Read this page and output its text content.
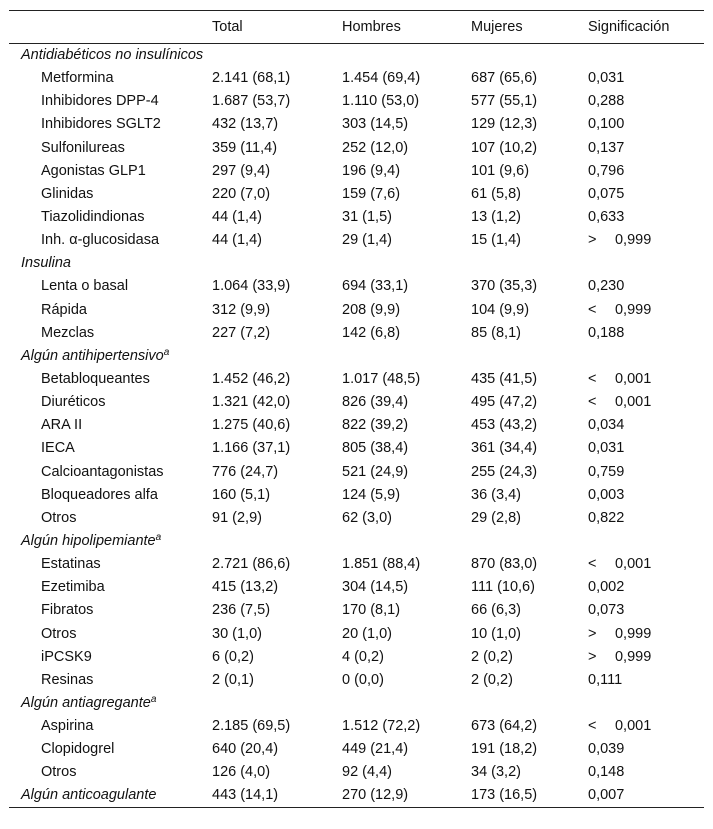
	Total	Hombres	Mujeres	Significación
Antidiabéticos no insulínicos				
Metformina	2.141 (68,1)	1.454 (69,4)	687 (65,6)	0,031
Inhibidores DPP-4	1.687 (53,7)	1.110 (53,0)	577 (55,1)	0,288
Inhibidores SGLT2	432 (13,7)	303 (14,5)	129 (12,3)	0,100
Sulfonilureas	359 (11,4)	252 (12,0)	107 (10,2)	0,137
Agonistas GLP1	297 (9,4)	196 (9,4)	101 (9,6)	0,796
Glinidas	220 (7,0)	159 (7,6)	61 (5,8)	0,075
Tiazolidindionas	44 (1,4)	31 (1,5)	13 (1,2)	0,633
Inh. α-glucosidasa	44 (1,4)	29 (1,4)	15 (1,4)	>  0,999
Insulina				
Lenta o basal	1.064 (33,9)	694 (33,1)	370 (35,3)	0,230
Rápida	312 (9,9)	208 (9,9)	104 (9,9)	<  0,999
Mezclas	227 (7,2)	142 (6,8)	85 (8,1)	0,188
Algún antihipertensivo$^a$
Betabloqueantes	1.452 (46,2)	1.017 (48,5)	435 (41,5)	<  0,001
Diuréticos	1.321 (42,0)	826 (39,4)	495 (47,2)	<  0,001
ARA II	1.275 (40,6)	822 (39,2)	453 (43,2)	0,034
IECA	1.166 (37,1)	805 (38,4)	361 (34,4)	0,031
Calcioantagonistas	776 (24,7)	521 (24,9)	255 (24,3)	0,759
Bloqueadores alfa	160 (5,1)	124 (5,9)	36 (3,4)	0,003
Otros	91 (2,9)	62 (3,0)	29 (2,8)	0,822
Algún hipolipemiante$^a$
Estatinas	2.721 (86,6)	1.851 (88,4)	870 (83,0)	<  0,001
Ezetimiba	415 (13,2)	304 (14,5)	111 (10,6)	0,002
Fibratos	236 (7,5)	170 (8,1)	66 (6,3)	0,073
Otros	30 (1,0)	20 (1,0)	10 (1,0)	>  0,999
iPCSK9	6 (0,2)	4 (0,2)	2 (0,2)	>  0,999
Resinas	2 (0,1)	0 (0,0)	2 (0,2)	0,111
Algún antiagregante$^a$
Aspirina	2.185 (69,5)	1.512 (72,2)	673 (64,2)	<  0,001
Clopidogrel	640 (20,4)	449 (21,4)	191 (18,2)	0,039
Otros	126 (4,0)	92 (4,4)	34 (3,2)	0,148
Algún anticoagulante	443 (14,1)	270 (12,9)	173 (16,5)	0,007
